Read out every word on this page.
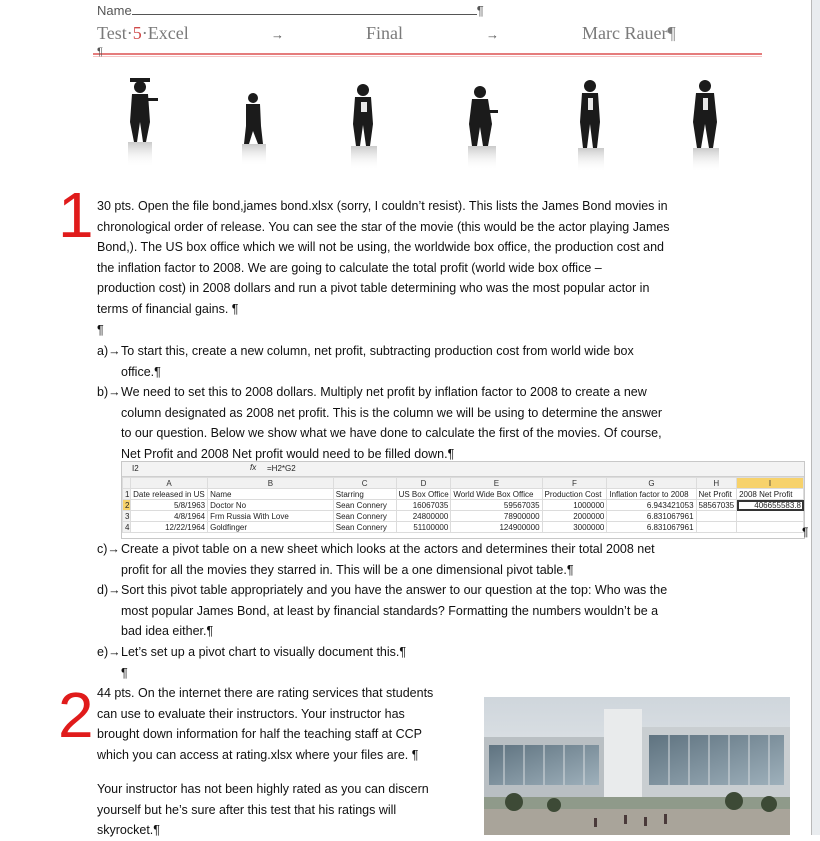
Name	¶
Test·5·Excel	→	Final	→	Marc Rauer¶
¶
1 30 pts. Open the file bond,james bond.xlsx (sorry, I couldn’t resist). This lists the James Bond movies in
chronological order of release. You can see the star of the movie (this would be the actor playing James
Bond,). The US box office which we will not be using, the worldwide box office, the production cost and
the inflation factor to 2008. We are going to calculate the total profit (world wide box office –
production cost) in 2008 dollars and run a pivot table determining who was the most popular actor in
terms of financial gains. ¶
¶
a)→ To start this, create a new column, net profit, subtracting production cost from world wide box
office.¶
b)→ We need to set this to 2008 dollars. Multiply net profit by inflation factor to 2008 to create a new
column designated as 2008 net profit. This is the column we will be using to determine the answer
to our question. Below we show what we have done to calculate the first of the movies. Of course,
Net Profit and 2008 Net profit would need to be filled down.¶
I2	fx =H2*G2
	A	B	C	D	E	F	G	H	I
1	Date released in US	Name	Starring	US Box Office	World Wide Box Office	Production Cost	Inflation factor to 2008	Net Profit	2008 Net Profit
2	5/8/1963	Doctor No	Sean Connery	16067035	59567035	1000000	6.943421053	58567035	406655583.8
3	4/8/1964	Frm Russia With Love	Sean Connery	24800000	78900000	2000000	6.831067961		
4	12/22/1964	Goldfinger	Sean Connery	51100000	124900000	3000000	6.831067961			¶
c)→ Create a pivot table on a new sheet which looks at the actors and determines their total 2008 net
profit for all the movies they starred in. This will be a one dimensional pivot table.¶
d)→ Sort this pivot table appropriately and you have the answer to our question at the top: Who was the
most popular James Bond, at least by financial standards? Formatting the numbers wouldn’t be a
bad idea either.¶
e)→ Let’s set up a pivot chart to visually document this.¶
¶
2 44 pts. On the internet there are rating services that students
can use to evaluate their instructors. Your instructor has
brought down information for half the teaching staff at CCP
which you can access at rating.xlsx where your files are. ¶
Your instructor has not been highly rated as you can discern
yourself but he’s sure after this test that his ratings will
skyrocket.¶
